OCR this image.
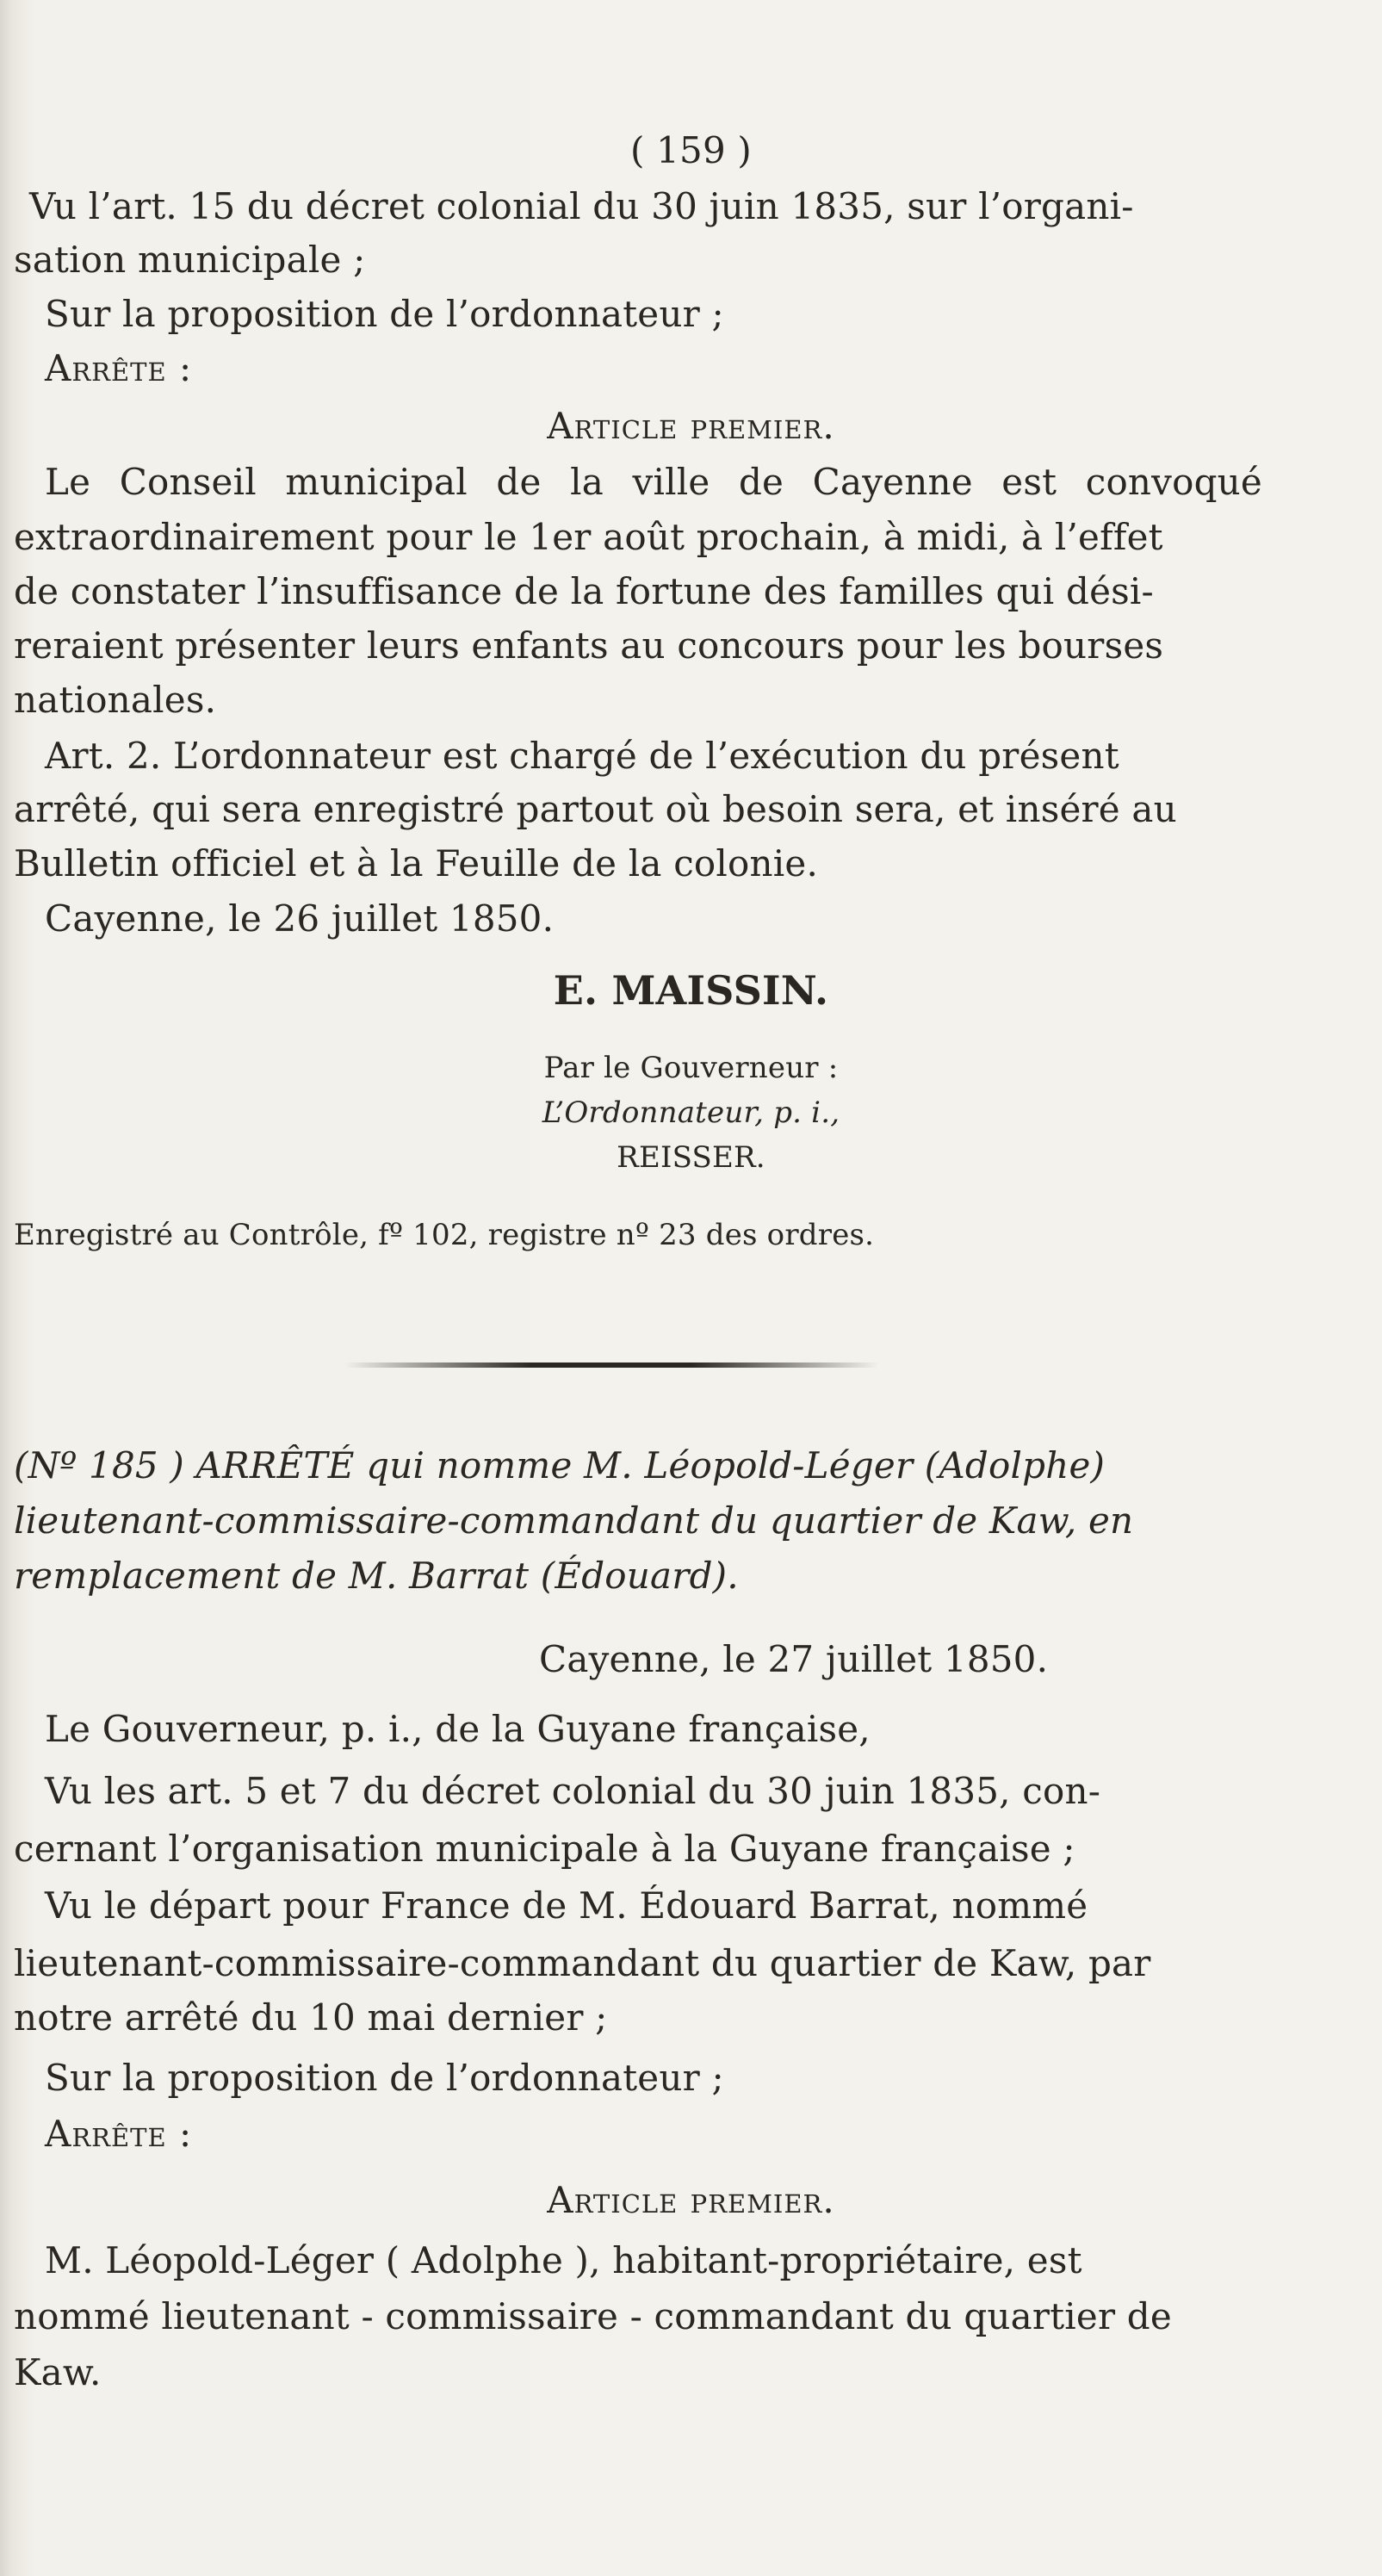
( 159 )
Vu l’art. 15 du décret colonial du 30 juin 1835, sur l’organi-
sation municipale ;
Sur la proposition de l’ordonnateur ;
Arrête :
Article premier.
Le Conseil municipal de la ville de Cayenne est convoqué
extraordinairement pour le 1er août prochain, à midi, à l’effet
de constater l’insuffisance de la fortune des familles qui dési-
reraient présenter leurs enfants au concours pour les bourses
nationales.
Art. 2. L’ordonnateur est chargé de l’exécution du présent
arrêté, qui sera enregistré partout où besoin sera, et inséré au
Bulletin officiel et à la Feuille de la colonie.
Cayenne, le 26 juillet 1850.
E. MAISSIN.
Par le Gouverneur :
L’Ordonnateur, p. i.,
REISSER.
Enregistré au Contrôle, fº 102, registre nº 23 des ordres.
(Nº 185 ) ARRÊTÉ qui nomme M. Léopold-Léger (Adolphe)
lieutenant-commissaire-commandant du quartier de Kaw, en
remplacement de M. Barrat (Édouard).
Cayenne, le 27 juillet 1850.
Le Gouverneur, p. i., de la Guyane française,
Vu les art. 5 et 7 du décret colonial du 30 juin 1835, con-
cernant l’organisation municipale à la Guyane française ;
Vu le départ pour France de M. Édouard Barrat, nommé
lieutenant-commissaire-commandant du quartier de Kaw, par
notre arrêté du 10 mai dernier ;
Sur la proposition de l’ordonnateur ;
Arrête :
Article premier.
M. Léopold-Léger ( Adolphe ), habitant-propriétaire, est
nommé lieutenant - commissaire - commandant du quartier de
Kaw.
